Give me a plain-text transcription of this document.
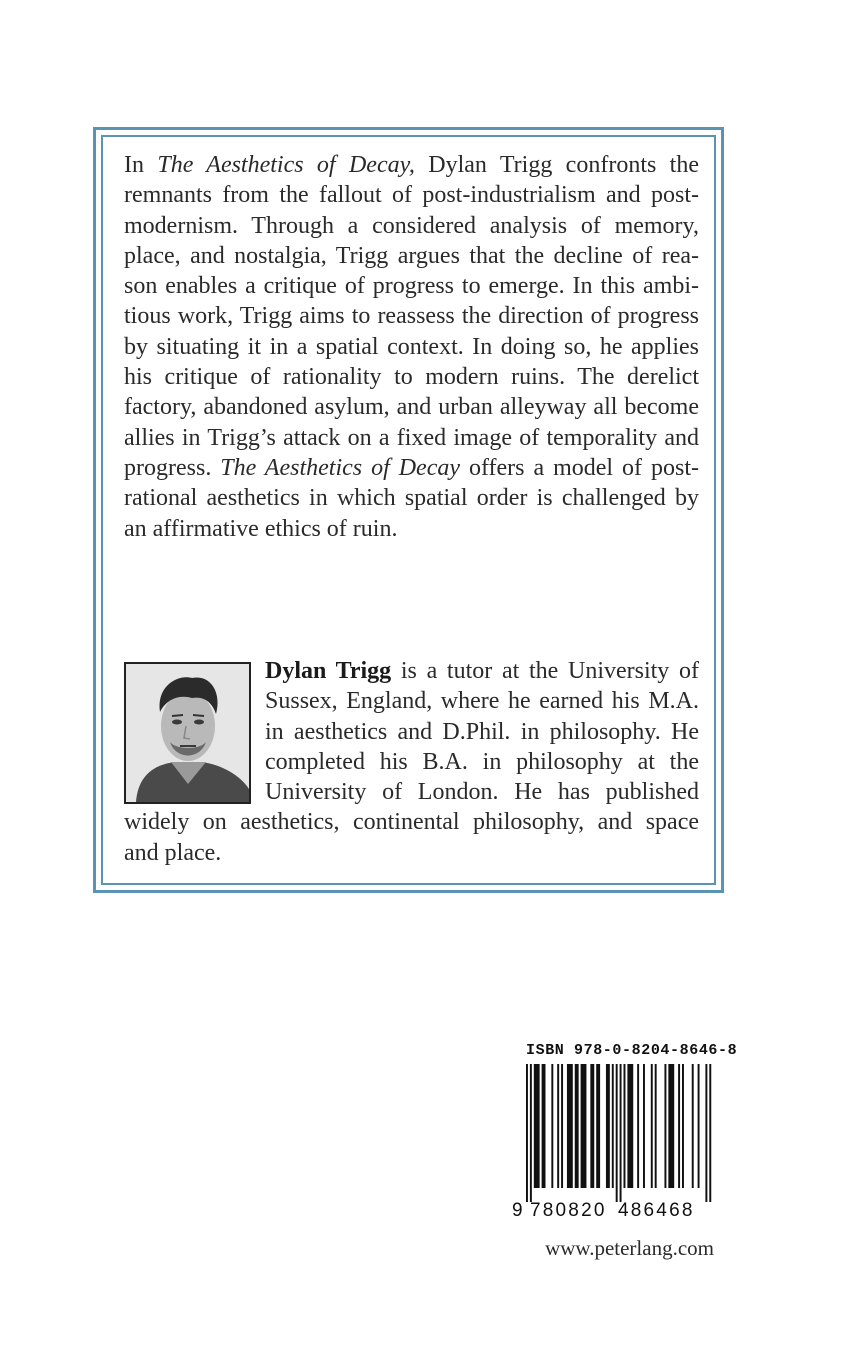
In The Aesthetics of Decay, Dylan Trigg confronts the
remnants from the fallout of post-industrialism and post-
modernism. Through a considered analysis of memory,
place, and nostalgia, Trigg argues that the decline of rea-
son enables a critique of progress to emerge. In this ambi-
tious work, Trigg aims to reassess the direction of progress
by situating it in a spatial context. In doing so, he applies
his critique of rationality to modern ruins. The derelict
factory, abandoned asylum, and urban alleyway all become
allies in Trigg’s attack on a fixed image of temporality and
progress. The Aesthetics of Decay offers a model of post-
rational aesthetics in which spatial order is challenged by
an affirmative ethics of ruin.
Dylan Trigg is a tutor at the University of
Sussex, England, where he earned his M.A.
in aesthetics and D.Phil. in philosophy. He
completed his B.A. in philosophy at the
University of London. He has published
widely on aesthetics, continental philosophy, and space
and place.
ISBN 978-0-8204-8646-8
9 780820 486468
www.peterlang.com
